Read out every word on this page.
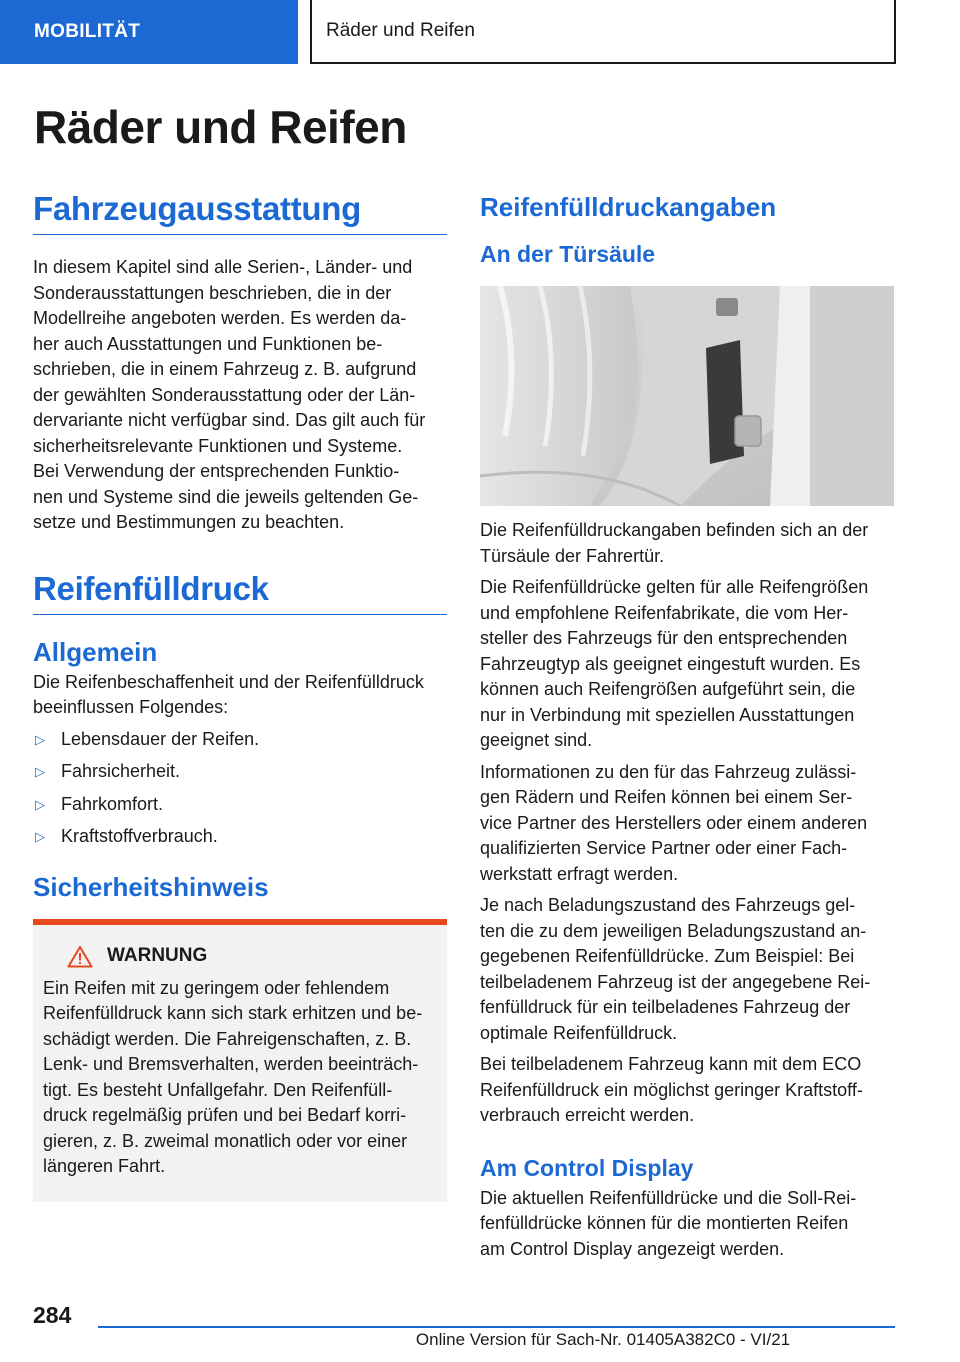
MOBILITÄT	Räder und Reifen
Räder und Reifen
Fahrzeugausstattung

In diesem Kapitel sind alle Serien-, Länder- und
Sonderausstattungen beschrieben, die in der
Modellreihe angeboten werden. Es werden da-
her auch Ausstattungen und Funktionen be-
schrieben, die in einem Fahrzeug z. B. aufgrund
der gewählten Sonderausstattung oder der Län-
dervariante nicht verfügbar sind. Das gilt auch für
sicherheitsrelevante Funktionen und Systeme.
Bei Verwendung der entsprechenden Funktio-
nen und Systeme sind die jeweils geltenden Ge-
setze und Bestimmungen zu beachten.

Reifenfülldruck
Allgemein

Die Reifenbeschaffenheit und der Reifenfülldruck
beeinflussen Folgendes:

▷ Lebensdauer der Reifen.
▷ Fahrsicherheit.
▷ Fahrkomfort.
▷ Kraftstoffverbrauch.
Sicherheitshinweis
WARNUNG

Ein Reifen mit zu geringem oder fehlendem
Reifenfülldruck kann sich stark erhitzen und be-
schädigt werden. Die Fahreigenschaften, z. B.
Lenk- und Bremsverhalten, werden beeinträch-
tigt. Es besteht Unfallgefahr. Den Reifenfüll-
druck regelmäßig prüfen und bei Bedarf korri-
gieren, z. B. zweimal monatlich oder vor einer
längeren Fahrt.

Reifenfülldruckangaben
An der Türsäule

Die Reifenfülldruckangaben befinden sich an der
Türsäule der Fahrertür.

Die Reifenfülldrücke gelten für alle Reifengrößen
und empfohlene Reifenfabrikate, die vom Her-
steller des Fahrzeugs für den entsprechenden
Fahrzeugtyp als geeignet eingestuft wurden. Es
können auch Reifengrößen aufgeführt sein, die
nur in Verbindung mit speziellen Ausstattungen
geeignet sind.

Informationen zu den für das Fahrzeug zulässi-
gen Rädern und Reifen können bei einem Ser-
vice Partner des Herstellers oder einem anderen
qualifizierten Service Partner oder einer Fach-
werkstatt erfragt werden.

Je nach Beladungszustand des Fahrzeugs gel-
ten die zu dem jeweiligen Beladungszustand an-
gegebenen Reifenfülldrücke. Zum Beispiel: Bei
teilbeladenem Fahrzeug ist der angegebene Rei-
fenfülldruck für ein teilbeladenes Fahrzeug der
optimale Reifenfülldruck.

Bei teilbeladenem Fahrzeug kann mit dem ECO
Reifenfülldruck ein möglichst geringer Kraftstoff-
verbrauch erreicht werden.

Am Control Display

Die aktuellen Reifenfülldrücke und die Soll-Rei-
fenfülldrücke können für die montierten Reifen
am Control Display angezeigt werden.

284
Online Version für Sach-Nr. 01405A382C0 - VI/21
